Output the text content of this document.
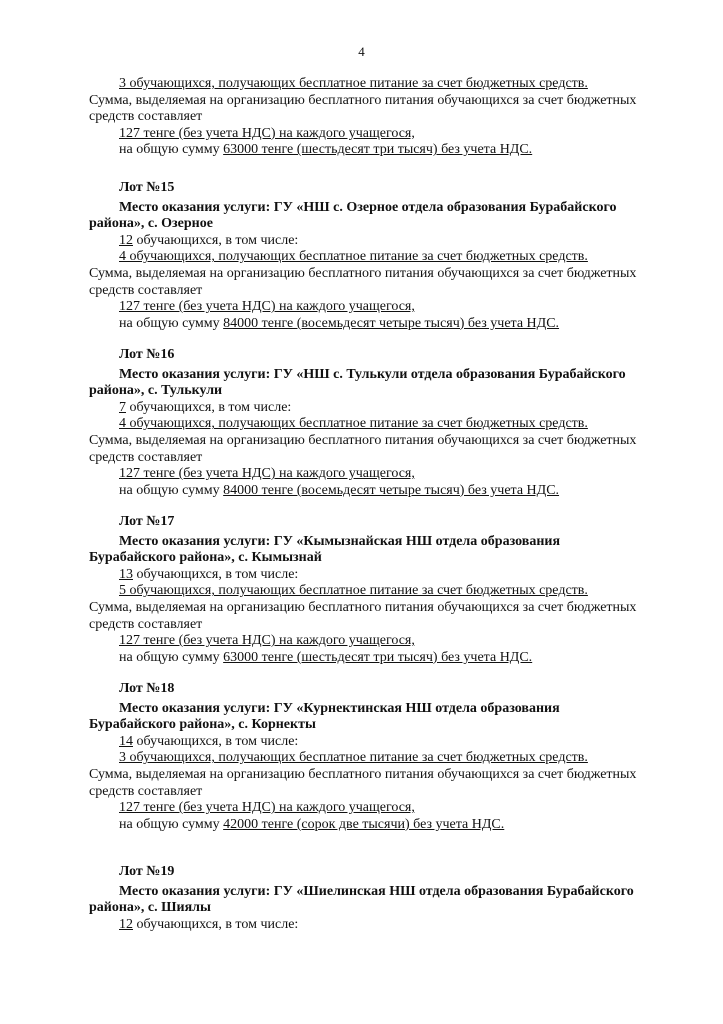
4
3 обучающихся, получающих бесплатное питание за счет бюджетных средств.
Сумма, выделяемая на организацию бесплатного питания обучающихся за счет бюджетных
средств составляет
127 тенге (без учета НДС) на каждого учащегося,
на общую сумму 63000 тенге (шестьдесят три тысяч) без учета НДС.
Лот №15
Место оказания услуги: ГУ «НШ с. Озерное отдела образования Бурабайского
района», с. Озерное
12 обучающихся, в том числе:
4 обучающихся, получающих бесплатное питание за счет бюджетных средств.
Сумма, выделяемая на организацию бесплатного питания обучающихся за счет бюджетных
средств составляет
127 тенге (без учета НДС) на каждого учащегося,
на общую сумму 84000 тенге (восемьдесят четыре тысяч) без учета НДС.
Лот №16
Место оказания услуги: ГУ «НШ с. Тулькули отдела образования Бурабайского
района», с. Тулькули
7 обучающихся, в том числе:
4 обучающихся, получающих бесплатное питание за счет бюджетных средств.
Сумма, выделяемая на организацию бесплатного питания обучающихся за счет бюджетных
средств составляет
127 тенге (без учета НДС) на каждого учащегося,
на общую сумму 84000 тенге (восемьдесят четыре тысяч) без учета НДС.
Лот №17
Место оказания услуги: ГУ «Кымызнайская НШ отдела образования
Бурабайского района», с. Кымызнай
13 обучающихся, в том числе:
5 обучающихся, получающих бесплатное питание за счет бюджетных средств.
Сумма, выделяемая на организацию бесплатного питания обучающихся за счет бюджетных
средств составляет
127 тенге (без учета НДС) на каждого учащегося,
на общую сумму 63000 тенге (шестьдесят три тысяч) без учета НДС.
Лот №18
Место оказания услуги: ГУ «Курнектинская НШ отдела образования
Бурабайского района», с. Корнекты
14 обучающихся, в том числе:
3 обучающихся, получающих бесплатное питание за счет бюджетных средств.
Сумма, выделяемая на организацию бесплатного питания обучающихся за счет бюджетных
средств составляет
127 тенге (без учета НДС) на каждого учащегося,
на общую сумму 42000 тенге (сорок две тысячи) без учета НДС.
Лот №19
Место оказания услуги: ГУ «Шиелинская НШ отдела образования Бурабайского
района», с. Шиялы
12 обучающихся, в том числе:
